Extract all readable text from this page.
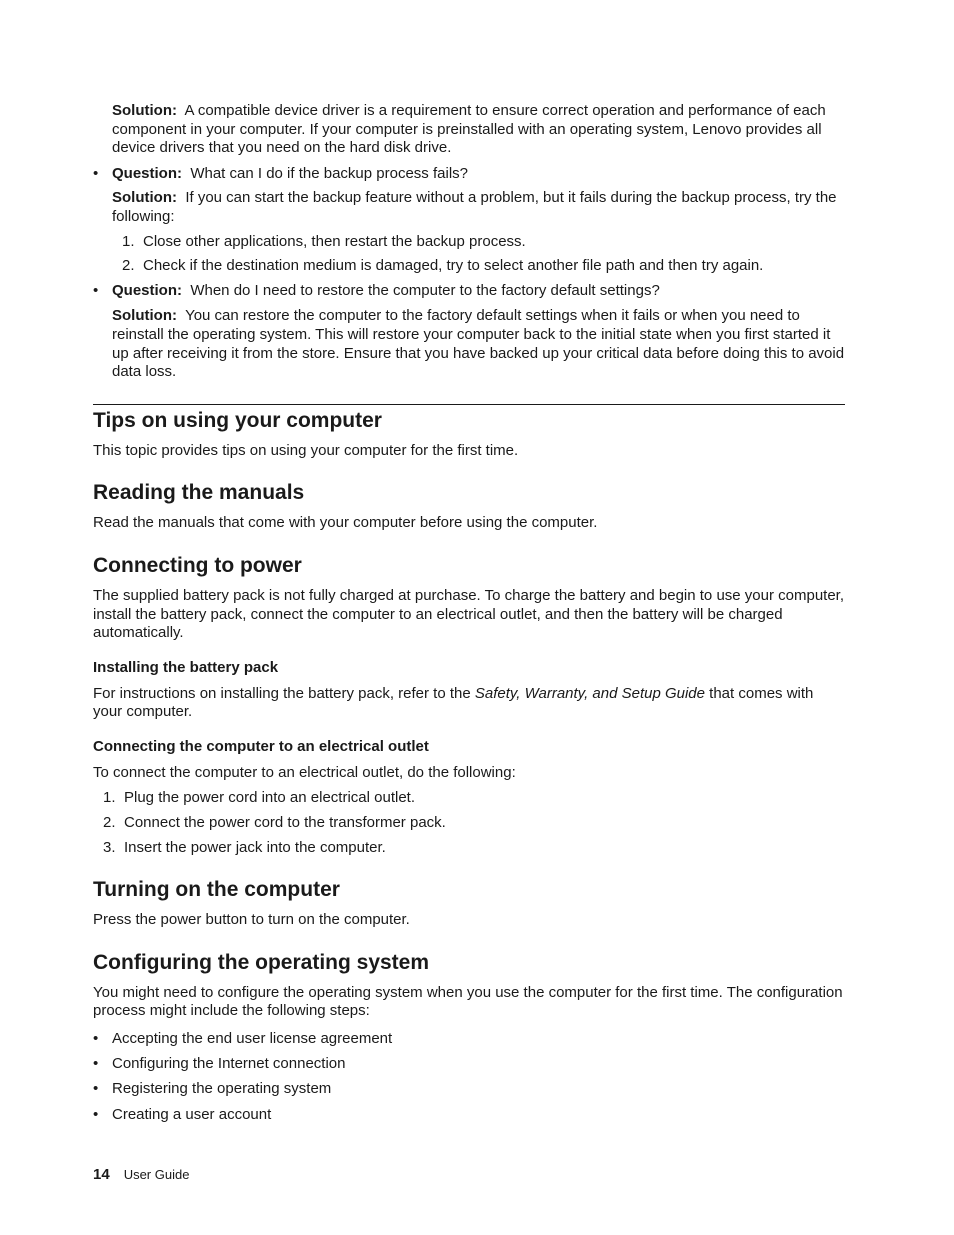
Solution: A compatible device driver is a requirement to ensure correct operation and performance of each component in your computer. If your computer is preinstalled with an operating system, Lenovo provides all device drivers that you need on the hard disk drive.

• Question: What can I do if the backup process fails?

Solution: If you can start the backup feature without a problem, but it fails during the backup process, try the following:

1. Close other applications, then restart the backup process.
2. Check if the destination medium is damaged, try to select another file path and then try again.

• Question: When do I need to restore the computer to the factory default settings?

Solution: You can restore the computer to the factory default settings when it fails or when you need to reinstall the operating system. This will restore your computer back to the initial state when you first started it up after receiving it from the store. Ensure that you have backed up your critical data before doing this to avoid data loss.

Tips on using your computer

This topic provides tips on using your computer for the first time.

Reading the manuals

Read the manuals that come with your computer before using the computer.

Connecting to power

The supplied battery pack is not fully charged at purchase. To charge the battery and begin to use your computer, install the battery pack, connect the computer to an electrical outlet, and then the battery will be charged automatically.

Installing the battery pack

For instructions on installing the battery pack, refer to the Safety, Warranty, and Setup Guide that comes with your computer.

Connecting the computer to an electrical outlet

To connect the computer to an electrical outlet, do the following:

1. Plug the power cord into an electrical outlet.
2. Connect the power cord to the transformer pack.
3. Insert the power jack into the computer.
Turning on the computer

Press the power button to turn on the computer.

Configuring the operating system

You might need to configure the operating system when you use the computer for the first time. The configuration process might include the following steps:

• Accepting the end user license agreement
• Configuring the Internet connection
• Registering the operating system
• Creating a user account
14 User Guide
